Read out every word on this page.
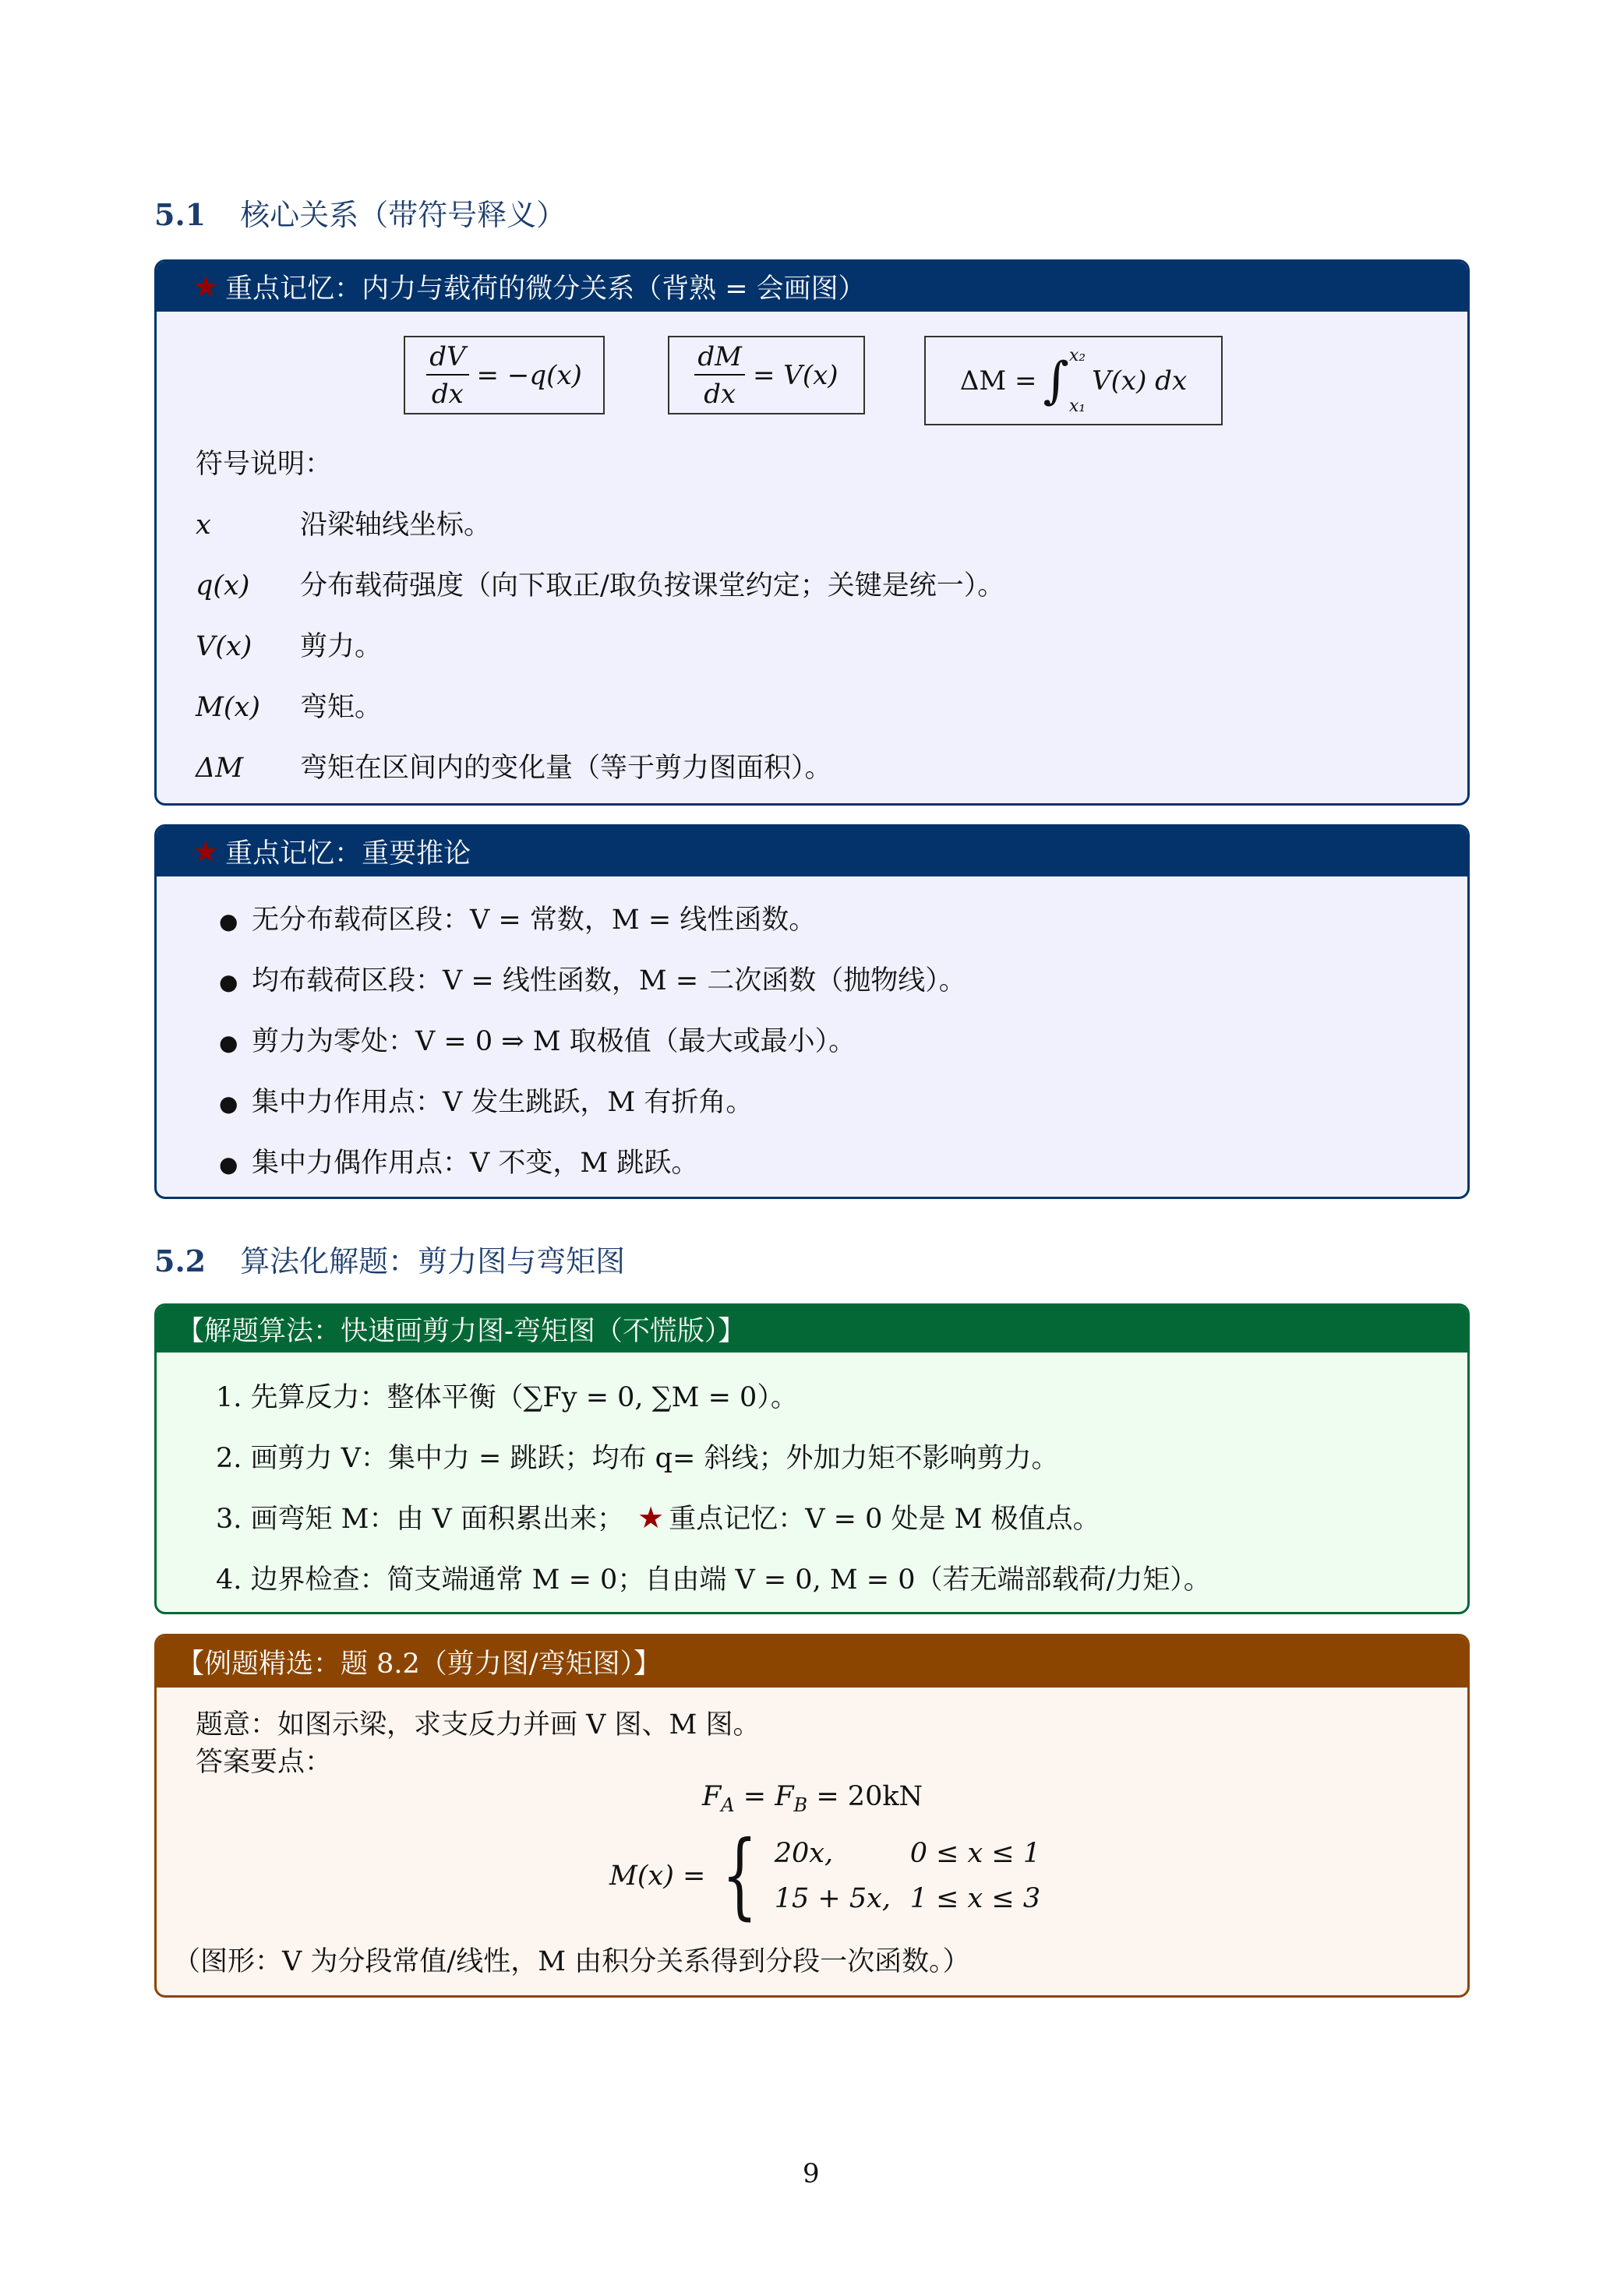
5.1 核心关系（带符号释义）
★ 重点记忆：内力与载荷的微分关系（背熟 = 会画图）
$\frac{dV}{dx} = -q(x)$	$\frac{dM}{dx} = V(x)$	ΔM = ∫ x₂
x₁
V(x) dx
符号说明：
x	沿梁轴线坐标。
q(x)	分布载荷强度（向下取正/取负按课堂约定；关键是统一）。
V(x)	剪力。
M(x)	弯矩。
ΔM	弯矩在区间内的变化量（等于剪力图面积）。
★ 重点记忆：重要推论
● 无分布载荷区段：V = 常数，M = 线性函数。
● 均布载荷区段：V = 线性函数，M = 二次函数（抛物线）。
● 剪力为零处：V = 0 ⇒ M 取极值（最大或最小）。
● 集中力作用点：V 发生跳跃，M 有折角。
● 集中力偶作用点：V 不变，M 跳跃。
5.2 算法化解题：剪力图与弯矩图
【解题算法：快速画剪力图-弯矩图（不慌版）】
1. 先算反力：整体平衡（∑Fy = 0, ∑M = 0）。
2. 画剪力 V：集中力 = 跳跃；均布 q= 斜线；外加力矩不影响剪力。
3. 画弯矩 M：由 V 面积累出来； ★ 重点记忆：V = 0 处是 M 极值点。
4. 边界检查：简支端通常 M = 0；自由端 V = 0, M = 0（若无端部载荷/力矩）。
【例题精选：题 8.2（剪力图/弯矩图）】
题意：如图示梁，求支反力并画 V 图、M 图。
答案要点：
$F_A = F_B = 20kN$
M(x) = { 20x,	0 ≤ x ≤ 1
15 + 5x, 1 ≤ x ≤ 3
（图形：V 为分段常值/线性，M 由积分关系得到分段一次函数。）
9
